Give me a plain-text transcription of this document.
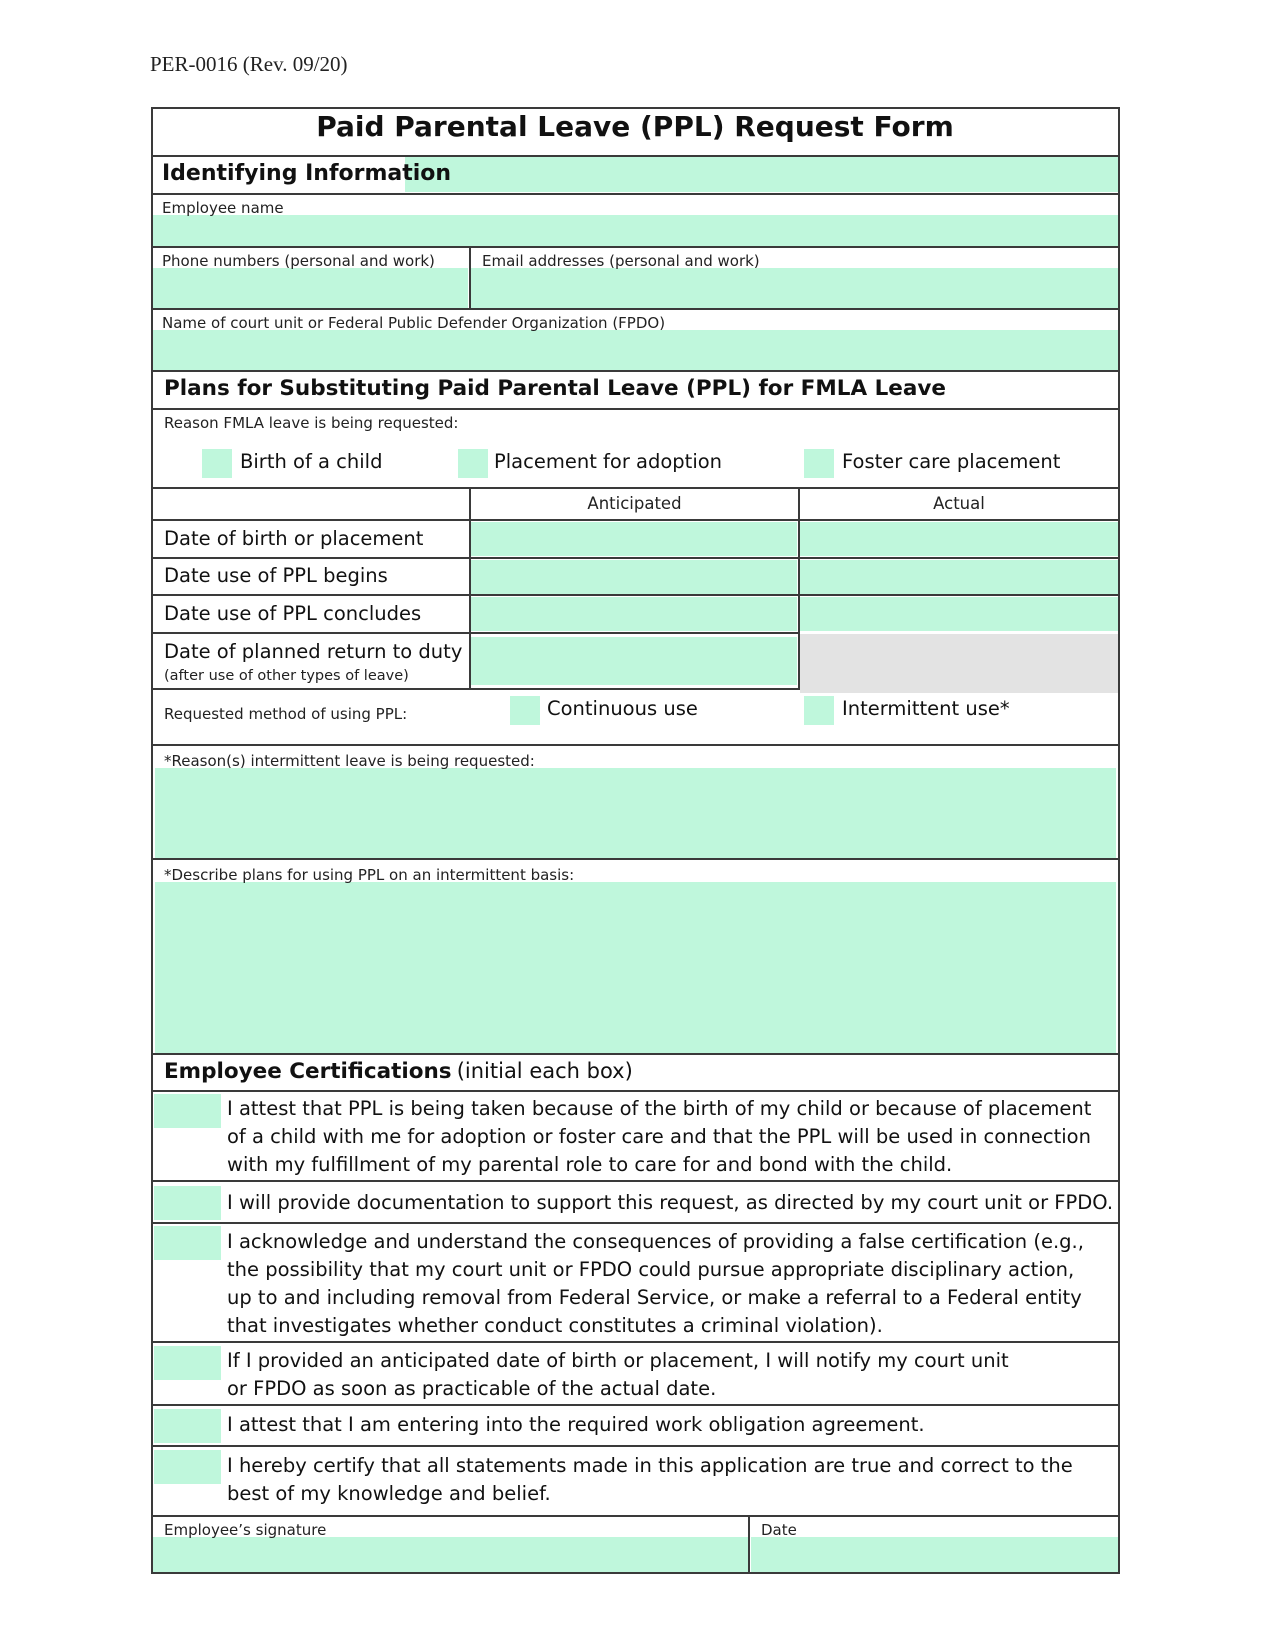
PER-0016 (Rev. 09/20)
Paid Parental Leave (PPL) Request Form
Identifying Information
Employee name
Phone numbers (personal and work)	Email addresses (personal and work)
Name of court unit or Federal Public Defender Organization (FPDO)
Plans for Substituting Paid Parental Leave (PPL) for FMLA Leave
Reason FMLA leave is being requested:
Birth of a child	Placement for adoption	Foster care placement
Anticipated	Actual
Date of birth or placement
Date use of PPL begins
Date use of PPL concludes
Date of planned return to duty
(after use of other types of leave)
Requested method of using PPL:	Continuous use	Intermittent use*
*Reason(s) intermittent leave is being requested:
*Describe plans for using PPL on an intermittent basis:
Employee Certifications (initial each box)
I attest that PPL is being taken because of the birth of my child or because of placement of a child with me for adoption or foster care and that the PPL will be used in connection with my fulfillment of my parental role to care for and bond with the child.
I will provide documentation to support this request, as directed by my court unit or FPDO.
I acknowledge and understand the consequences of providing a false certification (e.g., the possibility that my court unit or FPDO could pursue appropriate disciplinary action, up to and including removal from Federal Service, or make a referral to a Federal entity that investigates whether conduct constitutes a criminal violation).
If I provided an anticipated date of birth or placement, I will notify my court unit or FPDO as soon as practicable of the actual date.
I attest that I am entering into the required work obligation agreement.
I hereby certify that all statements made in this application are true and correct to the best of my knowledge and belief.
Employee’s signature	Date
